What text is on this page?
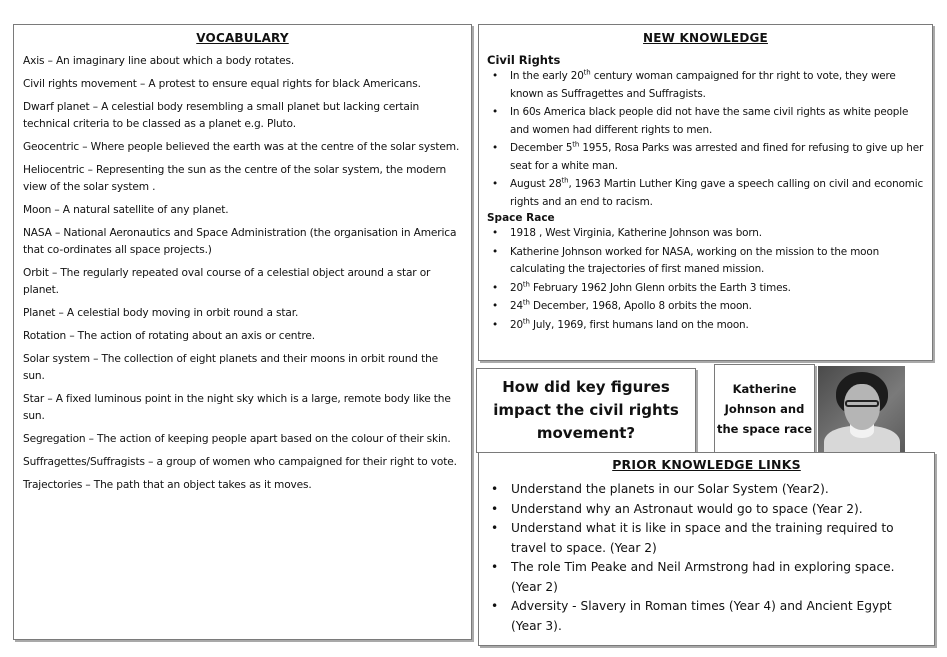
VOCABULARY

Axis – An imaginary line about which a body rotates.

Civil rights movement – A protest to ensure equal rights for black Americans.

Dwarf planet – A celestial body resembling a small planet but lacking certain technical criteria to be classed as a planet e.g. Pluto.

Geocentric – Where people believed the earth was at the centre of the solar system.

Heliocentric – Representing the sun as the centre of the solar system, the modern view of the solar system .

Moon – A natural satellite of any planet.

NASA – National Aeronautics and Space Administration (the organisation in America that co-ordinates all space projects.)

Orbit – The regularly repeated oval course of a celestial object around a star or planet.

Planet – A celestial body moving in orbit round a star.

Rotation – The action of rotating about an axis or centre.

Solar system – The collection of eight planets and their moons in orbit round the sun.

Star – A fixed luminous point in the night sky which is a large, remote body like the sun.

Segregation – The action of keeping people apart based on the colour of their skin.

Suffragettes/Suffragists – a group of women who campaigned for their right to vote.

Trajectories – The path that an object takes as it moves.

NEW KNOWLEDGE

Civil Rights
• In the early 20th century woman campaigned for thr right to vote, they were known as Suffragettes and Suffragists.
• In 60s America black people did not have the same civil rights as white people and women had different rights to men.
• December 5th 1955, Rosa Parks was arrested and fined for refusing to give up her seat for a white man.
• August 28th, 1963 Martin Luther King gave a speech calling on civil and economic rights and an end to racism.
Space Race
• 1918 , West Virginia, Katherine Johnson was born.
• Katherine Johnson worked for NASA, working on the mission to the moon calculating the trajectories of first maned mission.
• 20th February 1962 John Glenn orbits the Earth 3 times.
• 24th December, 1968, Apollo 8 orbits the moon.
• 20th July, 1969, first humans land on the moon.
How did key figures impact the civil rights movement?
Katherine Johnson and the space race

PRIOR KNOWLEDGE LINKS

• Understand the planets in our Solar System (Year2).
• Understand why an Astronaut would go to space (Year 2).
• Understand what it is like in space and the training required to travel to space. (Year 2)
• The role Tim Peake and Neil Armstrong had in exploring space. (Year 2)
• Adversity - Slavery in Roman times (Year 4) and Ancient Egypt (Year 3).
